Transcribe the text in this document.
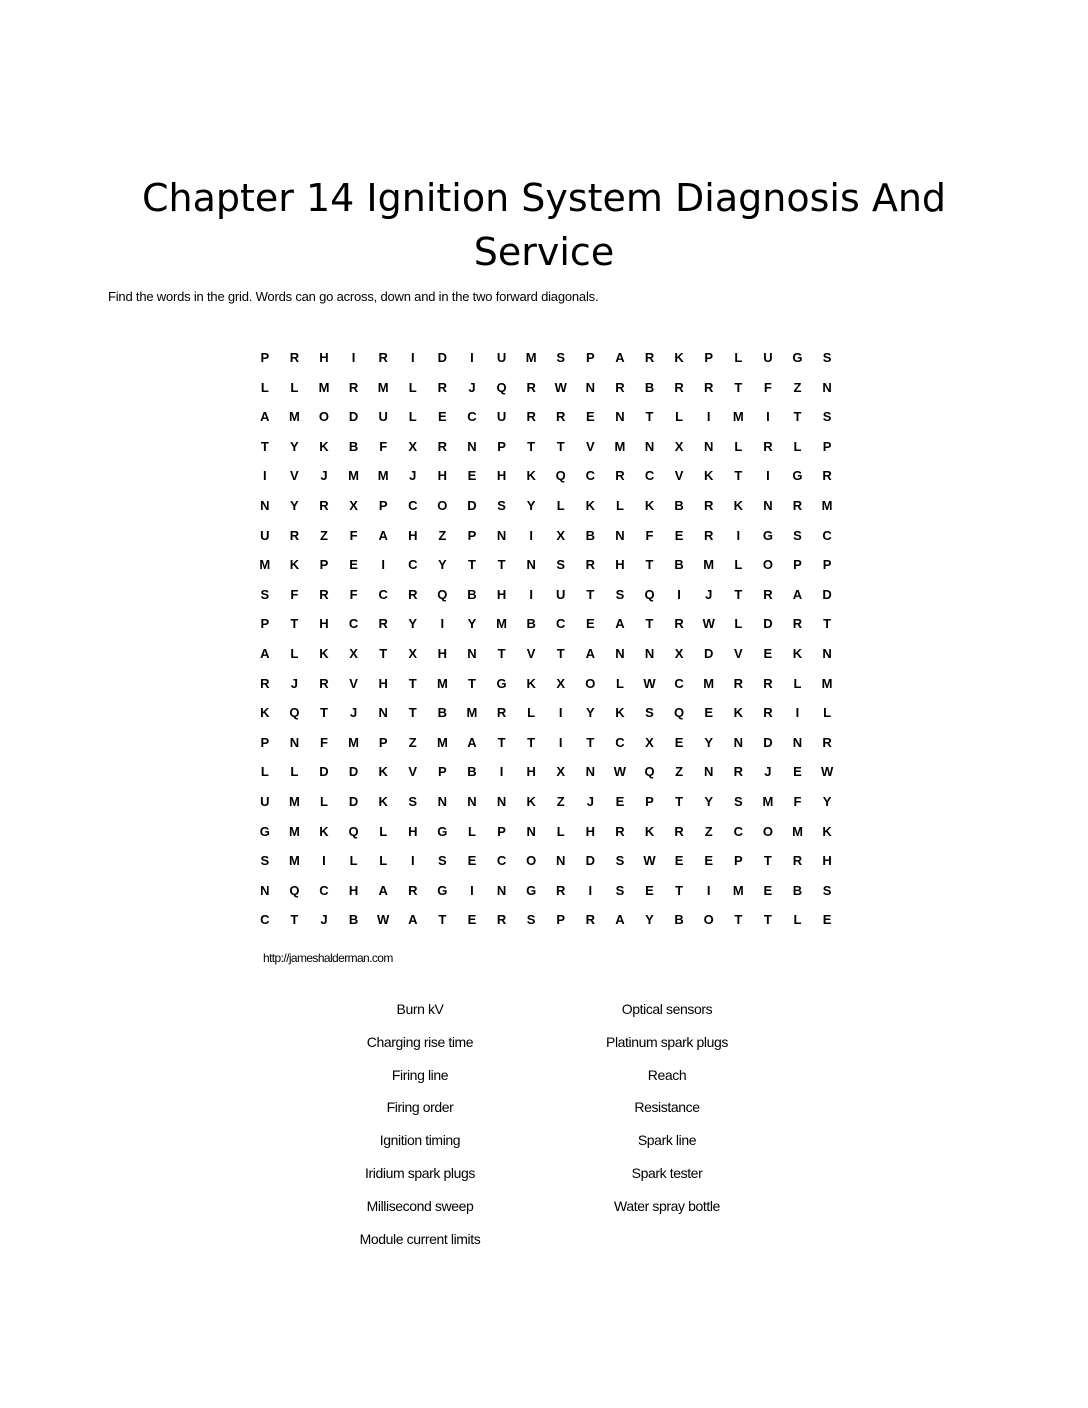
Chapter 14 Ignition System Diagnosis And Service
Find the words in the grid. Words can go across, down and in the two forward diagonals.
P	R	H	I	R	I	D	I	U	M	S	P	A	R	K	P	L	U	G	S
L	L	M	R	M	L	R	J	Q	R	W	N	R	B	R	R	T	F	Z	N
A	M	O	D	U	L	E	C	U	R	R	E	N	T	L	I	M	I	T	S
T	Y	K	B	F	X	R	N	P	T	T	V	M	N	X	N	L	R	L	P
I	V	J	M	M	J	H	E	H	K	Q	C	R	C	V	K	T	I	G	R
N	Y	R	X	P	C	O	D	S	Y	L	K	L	K	B	R	K	N	R	M
U	R	Z	F	A	H	Z	P	N	I	X	B	N	F	E	R	I	G	S	C
M	K	P	E	I	C	Y	T	T	N	S	R	H	T	B	M	L	O	P	P
S	F	R	F	C	R	Q	B	H	I	U	T	S	Q	I	J	T	R	A	D
P	T	H	C	R	Y	I	Y	M	B	C	E	A	T	R	W	L	D	R	T
A	L	K	X	T	X	H	N	T	V	T	A	N	N	X	D	V	E	K	N
R	J	R	V	H	T	M	T	G	K	X	O	L	W	C	M	R	R	L	M
K	Q	T	J	N	T	B	M	R	L	I	Y	K	S	Q	E	K	R	I	L
P	N	F	M	P	Z	M	A	T	T	I	T	C	X	E	Y	N	D	N	R
L	L	D	D	K	V	P	B	I	H	X	N	W	Q	Z	N	R	J	E	W
U	M	L	D	K	S	N	N	N	K	Z	J	E	P	T	Y	S	M	F	Y
G	M	K	Q	L	H	G	L	P	N	L	H	R	K	R	Z	C	O	M	K
S	M	I	L	L	I	S	E	C	O	N	D	S	W	E	E	P	T	R	H
N	Q	C	H	A	R	G	I	N	G	R	I	S	E	T	I	M	E	B	S
C	T	J	B	W	A	T	E	R	S	P	R	A	Y	B	O	T	T	L	E
http://jameshalderman.com
Burn kV
Charging rise time
Firing line
Firing order
Ignition timing
Iridium spark plugs
Millisecond sweep
Module current limits
Optical sensors
Platinum spark plugs
Reach
Resistance
Spark line
Spark tester
Water spray bottle
